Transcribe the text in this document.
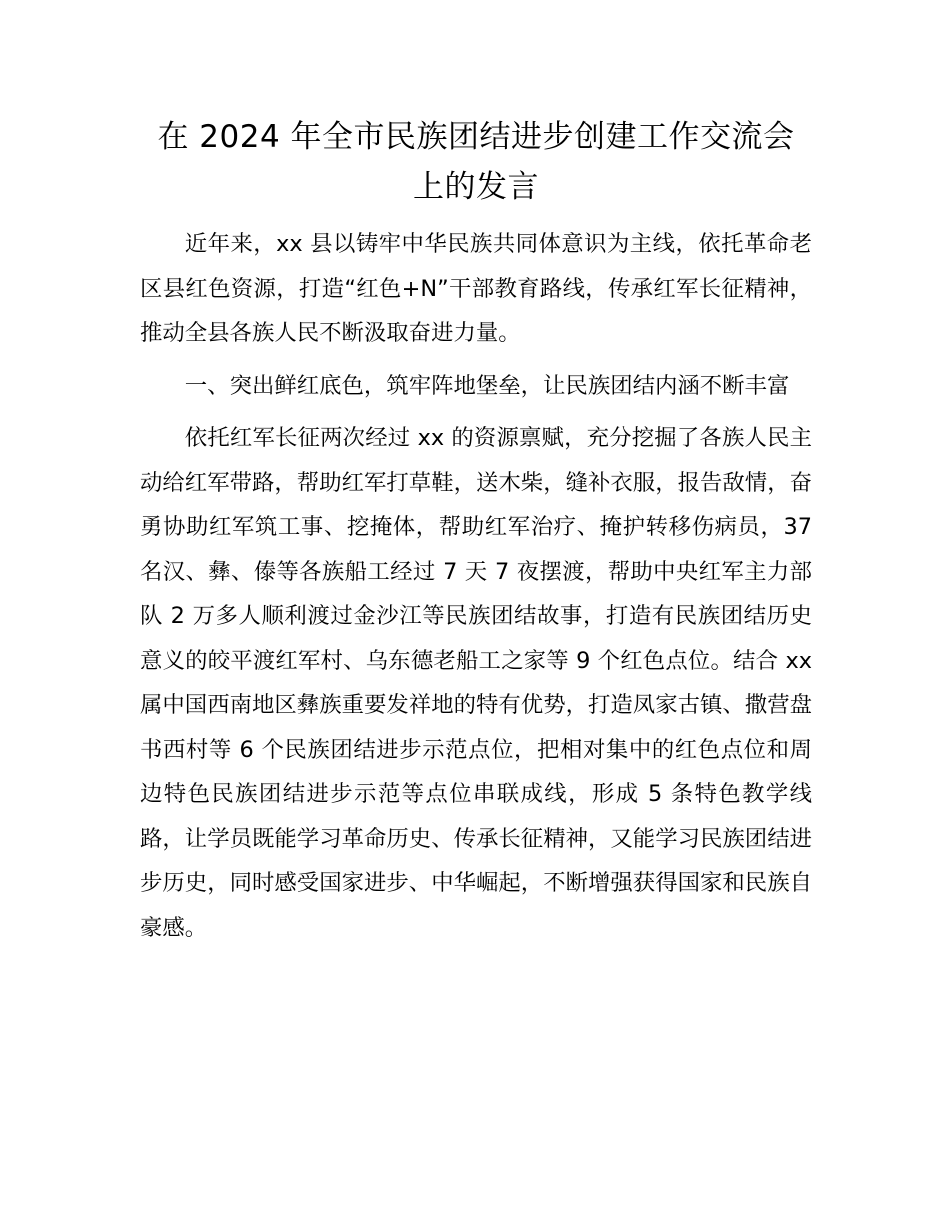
在 2024 年全市民族团结进步创建工作交流会
上的发言

近年来，xx 县以铸牢中华民族共同体意识为主线，依托革命老区县红色资源，打造“红色+N”干部教育路线，传承红军长征精神，推动全县各族人民不断汲取奋进力量。

一、突出鲜红底色，筑牢阵地堡垒，让民族团结内涵不断丰富

依托红军长征两次经过 xx 的资源禀赋，充分挖掘了各族人民主动给红军带路，帮助红军打草鞋，送木柴，缝补衣服，报告敌情，奋勇协助红军筑工事、挖掩体，帮助红军治疗、掩护转移伤病员，37 名汉、彝、傣等各族船工经过 7 天 7 夜摆渡，帮助中央红军主力部队 2 万多人顺利渡过金沙江等民族团结故事，打造有民族团结历史意义的皎平渡红军村、乌东德老船工之家等 9 个红色点位。结合 xx 属中国西南地区彝族重要发祥地的特有优势，打造凤家古镇、撒营盘书西村等 6 个民族团结进步示范点位，把相对集中的红色点位和周边特色民族团结进步示范等点位串联成线，形成 5 条特色教学线路，让学员既能学习革命历史、传承长征精神，又能学习民族团结进步历史，同时感受国家进步、中华崛起，不断增强获得国家和民族自豪感。
